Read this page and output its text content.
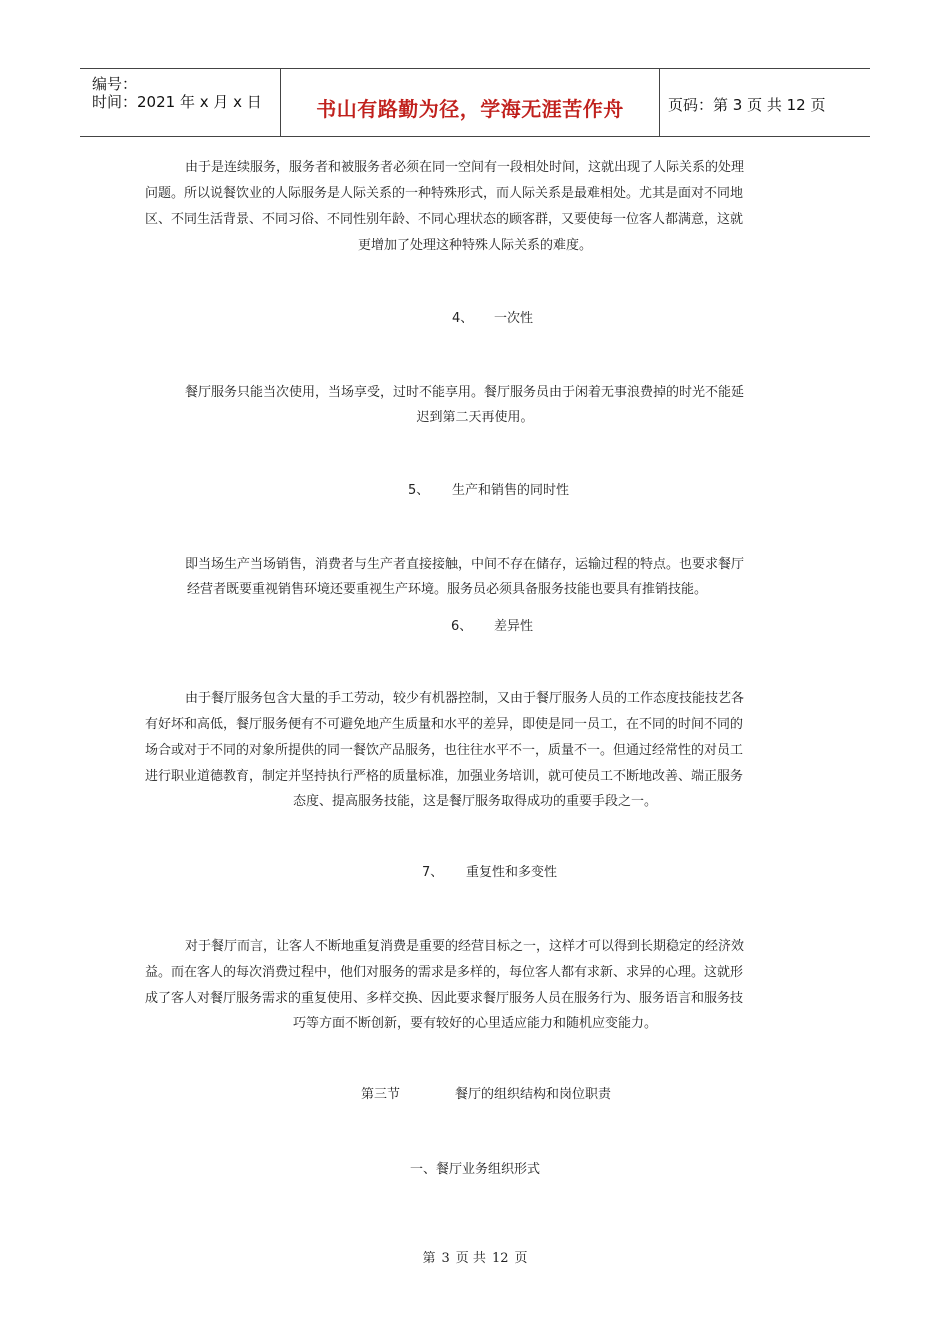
编号：
时间：2021 年 x 月 x 日	书山有路勤为径，学海无涯苦作舟	页码：第 3 页 共 12 页
由于是连续服务，服务者和被服务者必须在同一空间有一段相处时间，这就出现了人际关系的处理
问题。所以说餐饮业的人际服务是人际关系的一种特殊形式，而人际关系是最难相处。尤其是面对不同地
区、不同生活背景、不同习俗、不同性别年龄、不同心理状态的顾客群，又要使每一位客人都满意，这就
更增加了处理这种特殊人际关系的难度。
4、 一次性
餐厅服务只能当次使用，当场享受，过时不能享用。餐厅服务员由于闲着无事浪费掉的时光不能延
迟到第二天再使用。
5、 生产和销售的同时性
即当场生产当场销售，消费者与生产者直接接触，中间不存在储存，运输过程的特点。也要求餐厅
经营者既要重视销售环境还要重视生产环境。服务员必须具备服务技能也要具有推销技能。
6、 差异性
由于餐厅服务包含大量的手工劳动，较少有机器控制，又由于餐厅服务人员的工作态度技能技艺各
有好坏和高低，餐厅服务便有不可避免地产生质量和水平的差异，即使是同一员工，在不同的时间不同的
场合或对于不同的对象所提供的同一餐饮产品服务，也往往水平不一，质量不一。但通过经常性的对员工
进行职业道德教育，制定并坚持执行严格的质量标准，加强业务培训，就可使员工不断地改善、端正服务
态度、提高服务技能，这是餐厅服务取得成功的重要手段之一。
7、 重复性和多变性
对于餐厅而言，让客人不断地重复消费是重要的经营目标之一，这样才可以得到长期稳定的经济效
益。而在客人的每次消费过程中，他们对服务的需求是多样的，每位客人都有求新、求异的心理。这就形
成了客人对餐厅服务需求的重复使用、多样交换、因此要求餐厅服务人员在服务行为、服务语言和服务技
巧等方面不断创新，要有较好的心里适应能力和随机应变能力。
第三节	餐厅的组织结构和岗位职责
一、餐厅业务组织形式
第 3 页 共 12 页
